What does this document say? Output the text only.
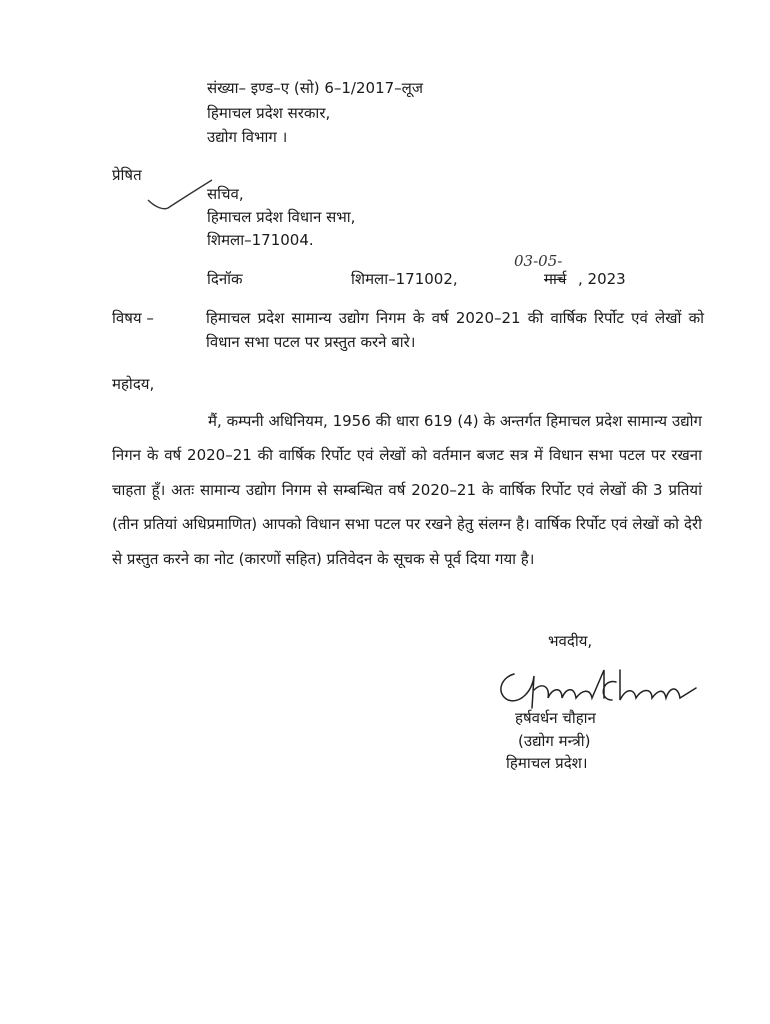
संख्या– इण्ड–ए (सो) 6–1/2017–लूज
हिमाचल प्रदेश सरकार,
उद्योग विभाग ।
प्रेषित
सचिव,
हिमाचल प्रदेश विधान सभा,
शिमला–171004.
दिनॉक	शिमला–171002,
03-05-
मार्च , 2023
विषय –	हिमाचल प्रदेश सामान्य उद्योग निगम के वर्ष 2020–21 की वार्षिक रिर्पोट एवं लेखों को विधान सभा पटल पर प्रस्तुत करने बारे।
महोदय,
मैं, कम्पनी अधिनियम, 1956 की धारा 619 (4) के अन्तर्गत हिमाचल प्रदेश सामान्य उद्योग निगन के वर्ष 2020–21 की वार्षिक रिर्पोट एवं लेखों को वर्तमान बजट सत्र में विधान सभा पटल पर रखना चाहता हूँ। अतः सामान्य उद्योग निगम से सम्बन्धित वर्ष 2020–21 के वार्षिक रिर्पोट एवं लेखों की 3 प्रतियां (तीन प्रतियां अधिप्रमाणित) आपको विधान सभा पटल पर रखने हेतु संलग्न है। वार्षिक रिर्पोट एवं लेखों को देरी से प्रस्तुत करने का नोट (कारणों सहित) प्रतिवेदन के सूचक से पूर्व दिया गया है।
भवदीय,
हर्षवर्धन चौहान
(उद्योग मन्त्री)
हिमाचल प्रदेश।
